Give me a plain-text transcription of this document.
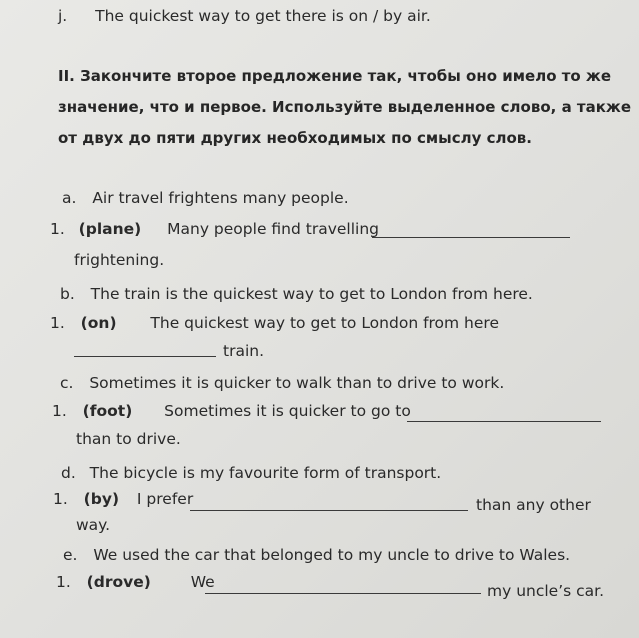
j. The quickest way to get there is on / by air.
II. Закончите второе предложение так, чтобы оно имело то же
значение, что и первое. Используйте выделенное слово, а также
от двух до пяти других необходимых по смыслу слов.
a. Air travel frightens many people.
1. (plane) Many people find travelling
frightening.
b. The train is the quickest way to get to London from here.
1. (on) The quickest way to get to London from here
train.
c. Sometimes it is quicker to walk than to drive to work.
1. (foot) Sometimes it is quicker to go to
than to drive.
d. The bicycle is my favourite form of transport.
1. (by) I prefer	than any other
way.
e. We used the car that belonged to my uncle to drive to Wales.
1. (drove)	We	my uncle’s car.
